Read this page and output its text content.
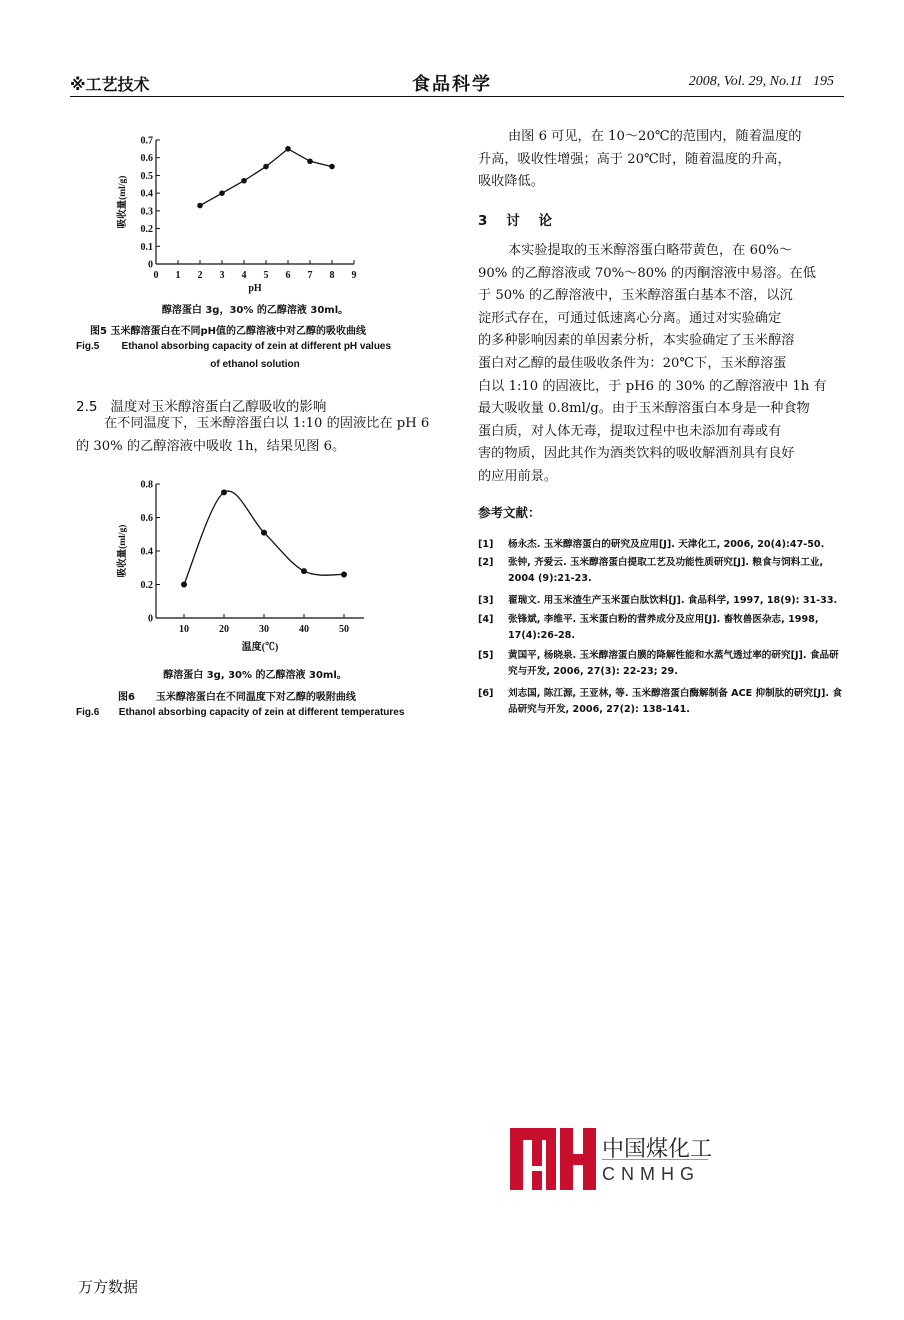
※工艺技术	食品科学	2008, Vol. 29, No.11 195
0
0.1
0.2
0.3
0.4
0.5
0.6
0.7
0 1 2 3 4 5 6 7 8 9
pH
吸收量(ml/g)
醇溶蛋白 3g，30% 的乙醇溶液 30ml。
图5 玉米醇溶蛋白在不同pH值的乙醇溶液中对乙醇的吸收曲线
Fig.5        Ethanol absorbing capacity of zein at different pH values
of ethanol solution
2.5   温度对玉米醇溶蛋白乙醇吸收的影响
在不同温度下，玉米醇溶蛋白以 1:10 的固液比在 pH 6
的 30% 的乙醇溶液中吸收 1h，结果见图 6。
0
0.2
0.4
0.6
0.8
10	20	30	40	50
温度(℃)
吸收量(ml/g)
醇溶蛋白 3g, 30% 的乙醇溶液 30ml。
图6      玉米醇溶蛋白在不同温度下对乙醇的吸附曲线
Fig.6       Ethanol absorbing capacity of zein at different temperatures
由图 6 可见，在 10～20℃的范围内，随着温度的
升高，吸收性增强；高于 20℃时，随着温度的升高，
吸收降低。
3    讨    论
本实验提取的玉米醇溶蛋白略带黄色，在 60%～
90% 的乙醇溶液或 70%～80% 的丙酮溶液中易溶。在低
于 50% 的乙醇溶液中，玉米醇溶蛋白基本不溶，以沉
淀形式存在，可通过低速离心分离。通过对实验确定
的多种影响因素的单因素分析，本实验确定了玉米醇溶
蛋白对乙醇的最佳吸收条件为：20℃下，玉米醇溶蛋
白以 1:10 的固液比，于 pH6 的 30% 的乙醇溶液中 1h 有
最大吸收量 0.8ml/g。由于玉米醇溶蛋白本身是一种食物
蛋白质，对人体无毒，提取过程中也未添加有毒或有
害的物质，因此其作为酒类饮料的吸收解酒剂具有良好
的应用前景。
参考文献：
[1] 杨永杰. 玉米醇溶蛋白的研究及应用[J]. 天津化工, 2006, 20(4):47-50.
[2] 张钟, 齐爱云. 玉米醇溶蛋白提取工艺及功能性质研究[J]. 粮食与饲料工业, 2004 (9):21-23.
[3] 翟瑞文. 用玉米渣生产玉米蛋白肽饮料[J]. 食品科学, 1997, 18(9): 31-33.
[4] 张锋斌, 李维平. 玉米蛋白粉的营养成分及应用[J]. 畜牧兽医杂志, 1998, 17(4):26-28.
[5] 黄国平, 杨晓泉. 玉米醇溶蛋白膜的降解性能和水蒸气透过率的研究[J]. 食品研究与开发, 2006, 27(3): 22-23; 29.
[6] 刘志国, 陈江源, 王亚林, 等. 玉米醇溶蛋白酶解制备 ACE 抑制肽的研究[J]. 食品研究与开发, 2006, 27(2): 138-141.
中国煤化工
CNMHG
万方数据
